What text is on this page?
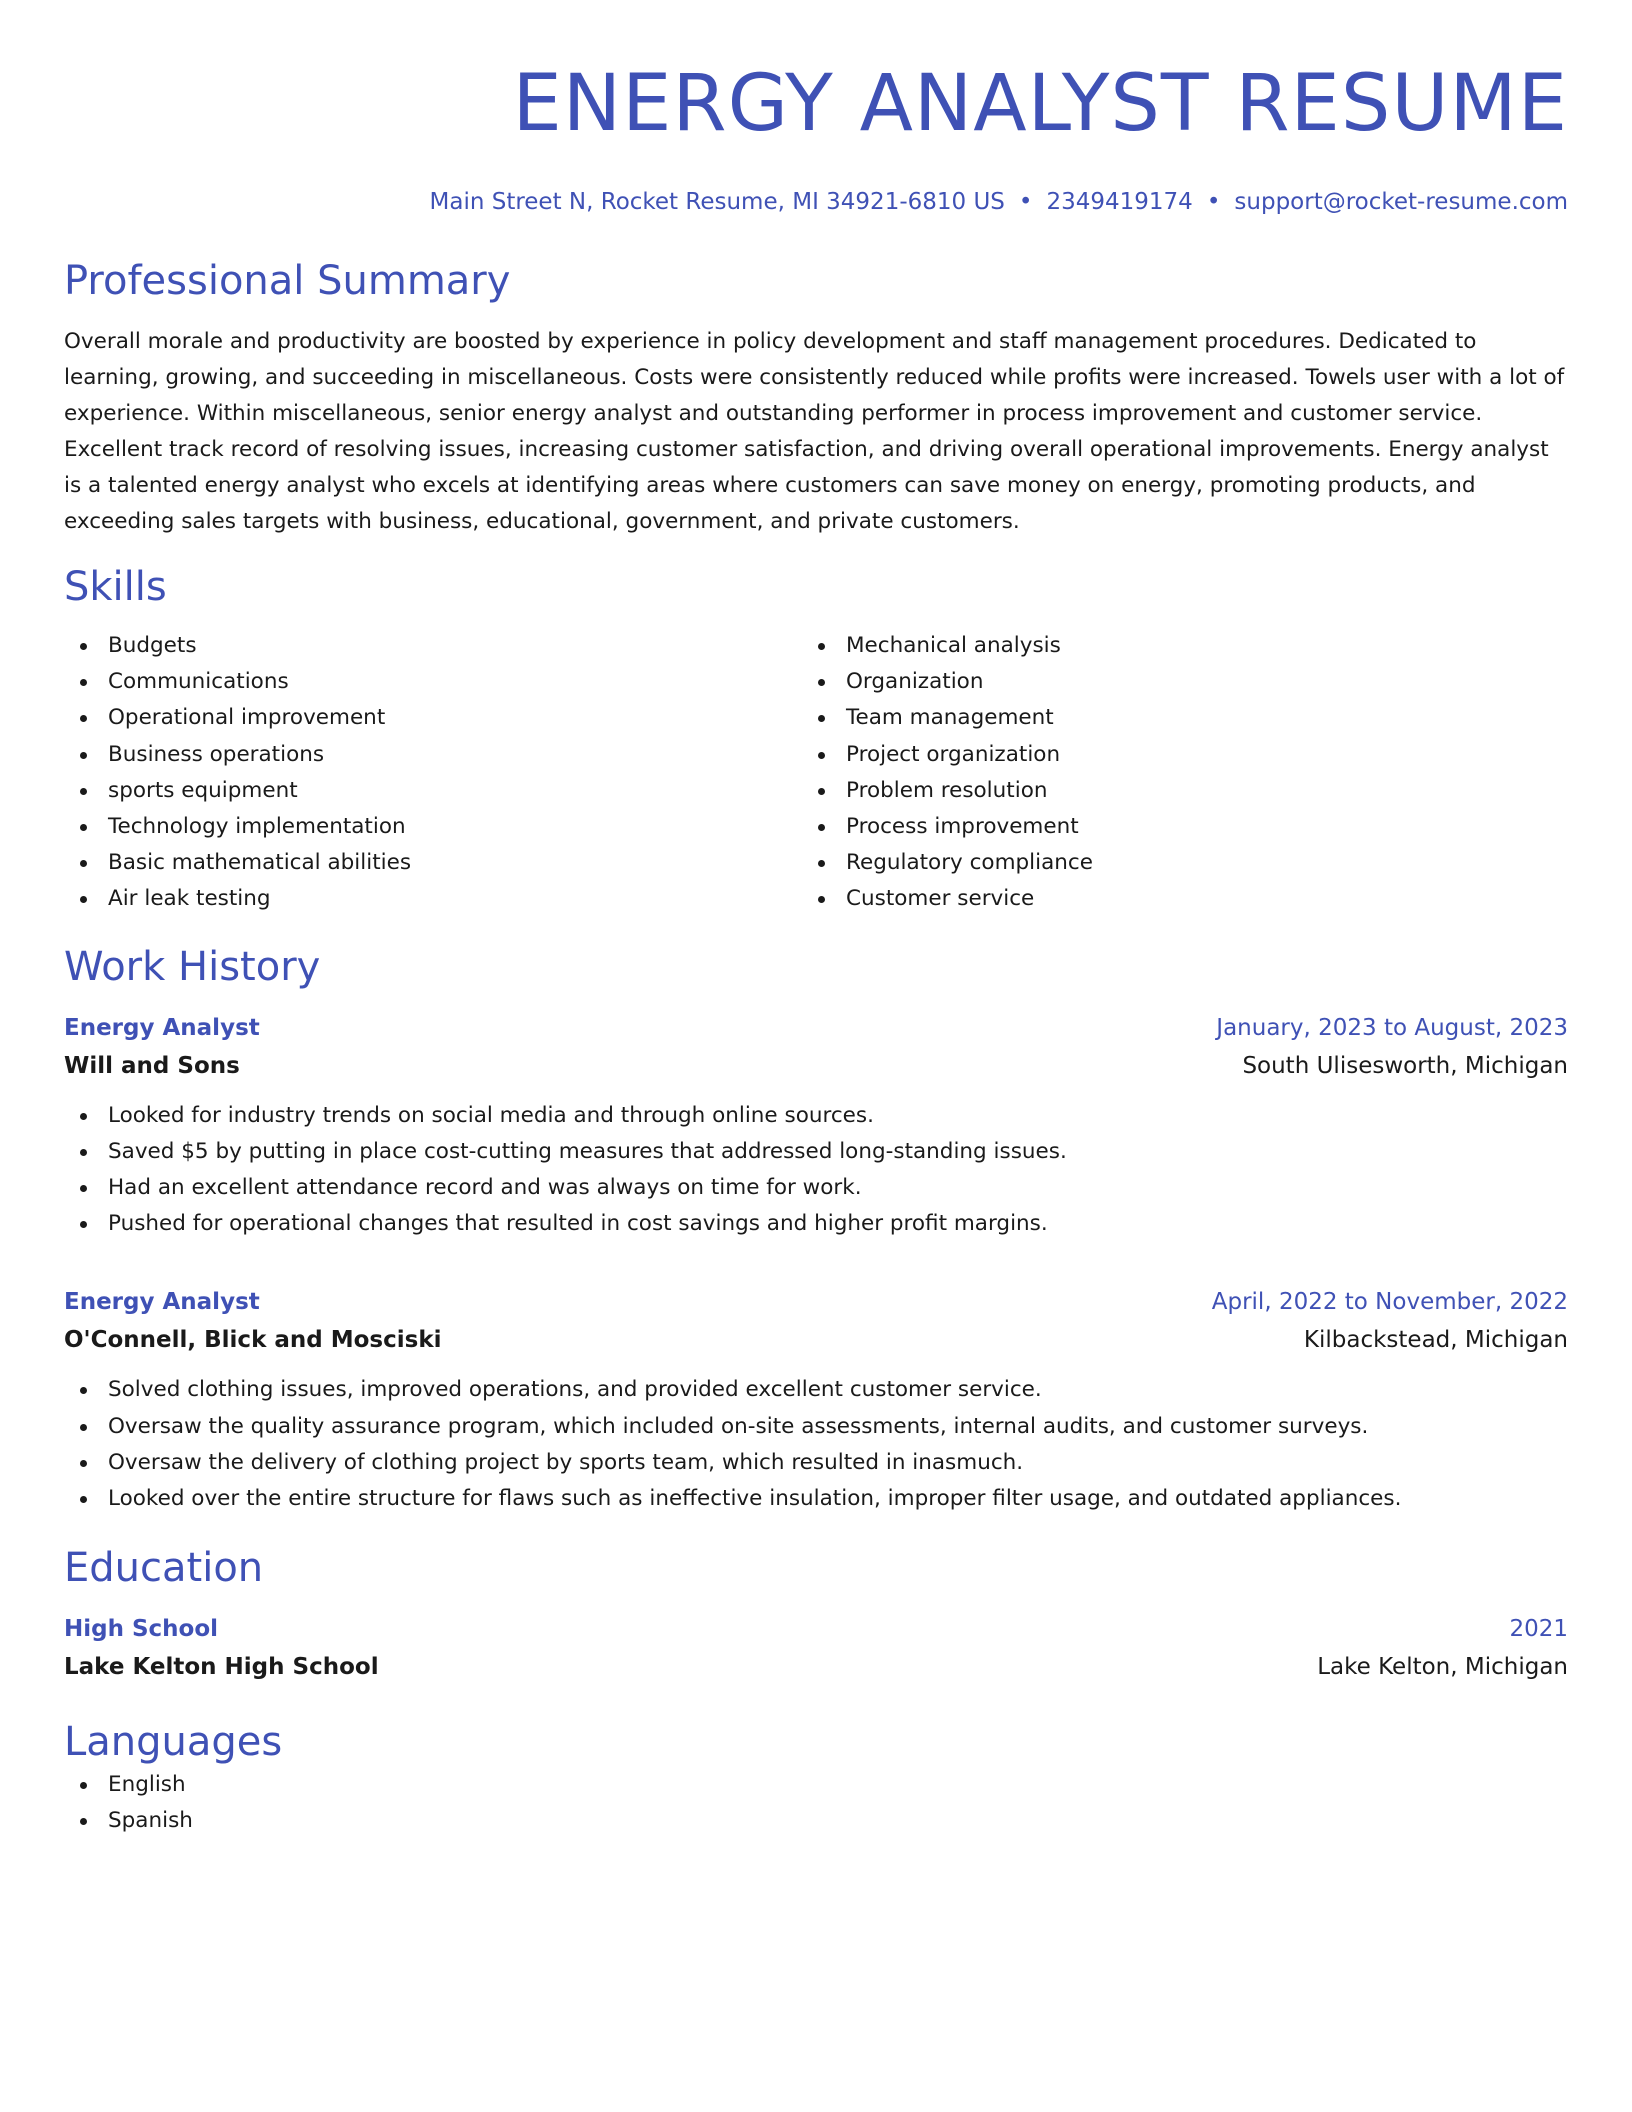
ENERGY ANALYST RESUME
Main Street N, Rocket Resume, MI 34921-6810 US • 2349419174 • support@rocket-resume.com
Professional Summary
Overall morale and productivity are boosted by experience in policy development and staff management procedures. Dedicated to learning, growing, and succeeding in miscellaneous. Costs were consistently reduced while profits were increased. Towels user with a lot of experience. Within miscellaneous, senior energy analyst and outstanding performer in process improvement and customer service. Excellent track record of resolving issues, increasing customer satisfaction, and driving overall operational improvements. Energy analyst is a talented energy analyst who excels at identifying areas where customers can save money on energy, promoting products, and exceeding sales targets with business, educational, government, and private customers.
Skills
Budgets
Communications
Operational improvement
Business operations
sports equipment
Technology implementation
Basic mathematical abilities
Air leak testing
Mechanical analysis
Organization
Team management
Project organization
Problem resolution
Process improvement
Regulatory compliance
Customer service
Work History
Energy Analyst	January, 2023 to August, 2023
Will and Sons	South Ulisesworth, Michigan
Looked for industry trends on social media and through online sources.
Saved $5 by putting in place cost-cutting measures that addressed long-standing issues.
Had an excellent attendance record and was always on time for work.
Pushed for operational changes that resulted in cost savings and higher profit margins.
Energy Analyst	April, 2022 to November, 2022
O'Connell, Blick and Mosciski	Kilbackstead, Michigan
Solved clothing issues, improved operations, and provided excellent customer service.
Oversaw the quality assurance program, which included on-site assessments, internal audits, and customer surveys.
Oversaw the delivery of clothing project by sports team, which resulted in inasmuch.
Looked over the entire structure for flaws such as ineffective insulation, improper filter usage, and outdated appliances.
Education
High School	2021
Lake Kelton High School	Lake Kelton, Michigan
Languages
English
Spanish
